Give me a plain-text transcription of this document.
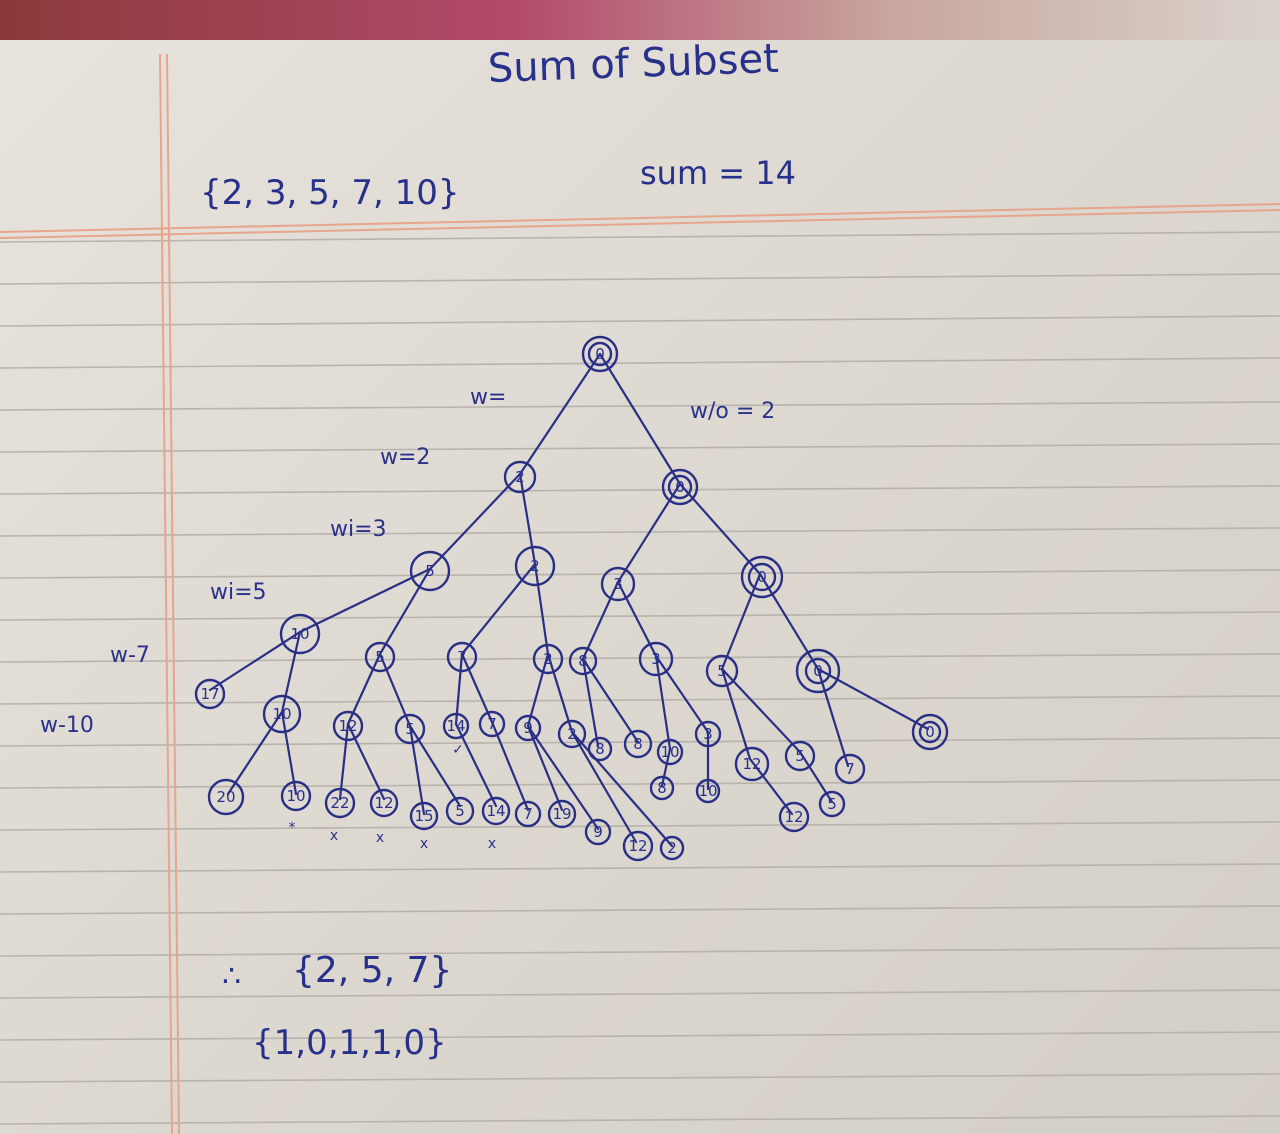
Sum of Subset
{2, 3, 5, 7, 10}	sum = 14
w/o = 2
w=2
wi=3
wi=5
w-7
w-10
w=
0
2
0
5	2
3	0
10
5	7	2 8	3
5	0
17
10
12	5 14 7 9 2
8 8 10
3
12 5
7
0
20	10 22 12
15 5 14 7 19
9
12 2
8 10
12
5
* x	x	x	x
✓
∴ {2, 5, 7}
{1,0,1,1,0}
